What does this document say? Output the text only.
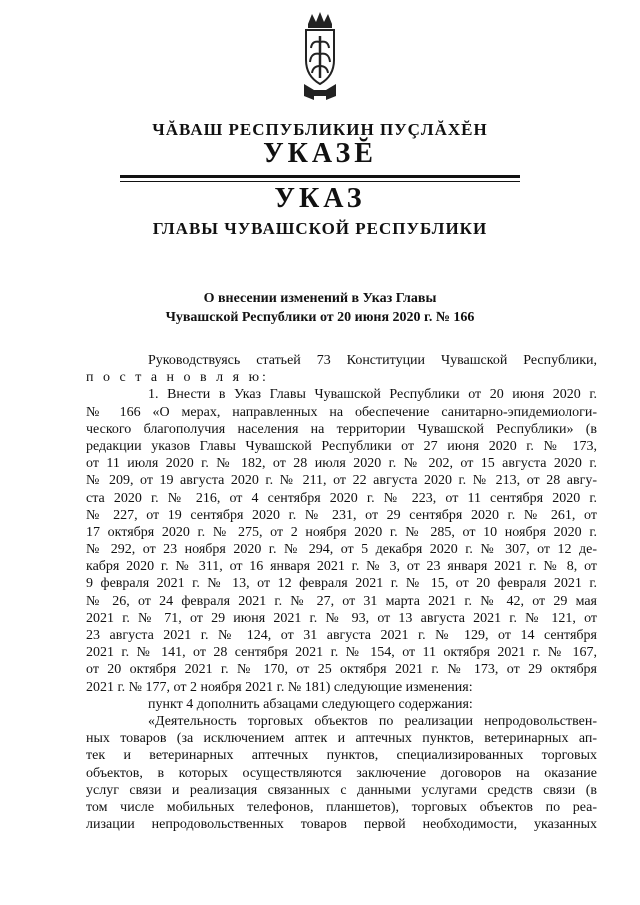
ЧĂВАШ РЕСПУБЛИКИН ПУÇЛĂХĔН
УКАЗĔ
УКАЗ
ГЛАВЫ ЧУВАШСКОЙ РЕСПУБЛИКИ
О внесении изменений в Указ Главы
Чувашской Республики от 20 июня 2020 г. № 166
Руководствуясь статьей 73 Конституции Чувашской Республики,
п о с т а н о в л я ю:
1. Внести в Указ Главы Чувашской Республики от 20 июня 2020 г.
№ 166 «О мерах, направленных на обеспечение санитарно-эпидемиологи-
ческого благополучия населения на территории Чувашской Республики» (в
редакции указов Главы Чувашской Республики от 27 июня 2020 г. № 173,
от 11 июля 2020 г. № 182, от 28 июля 2020 г. № 202, от 15 августа 2020 г.
№ 209, от 19 августа 2020 г. № 211, от 22 августа 2020 г. № 213, от 28 авгу-
ста 2020 г. № 216, от 4 сентября 2020 г. № 223, от 11 сентября 2020 г.
№ 227, от 19 сентября 2020 г. № 231, от 29 сентября 2020 г. № 261, от
17 октября 2020 г. № 275, от 2 ноября 2020 г. № 285, от 10 ноября 2020 г.
№ 292, от 23 ноября 2020 г. № 294, от 5 декабря 2020 г. № 307, от 12 де-
кабря 2020 г. № 311, от 16 января 2021 г. № 3, от 23 января 2021 г. № 8, от
9 февраля 2021 г. № 13, от 12 февраля 2021 г. № 15, от 20 февраля 2021 г.
№ 26, от 24 февраля 2021 г. № 27, от 31 марта 2021 г. № 42, от 29 мая
2021 г. № 71, от 29 июня 2021 г. № 93, от 13 августа 2021 г. № 121, от
23 августа 2021 г. № 124, от 31 августа 2021 г. № 129, от 14 сентября
2021 г. № 141, от 28 сентября 2021 г. № 154, от 11 октября 2021 г. № 167,
от 20 октября 2021 г. № 170, от 25 октября 2021 г. № 173, от 29 октября
2021 г. № 177, от 2 ноября 2021 г. № 181) следующие изменения:
пункт 4 дополнить абзацами следующего содержания:
«Деятельность торговых объектов по реализации непродовольствен-
ных товаров (за исключением аптек и аптечных пунктов, ветеринарных ап-
тек и ветеринарных аптечных пунктов, специализированных торговых
объектов, в которых осуществляются заключение договоров на оказание
услуг связи и реализация связанных с данными услугами средств связи (в
том числе мобильных телефонов, планшетов), торговых объектов по реа-
лизации непродовольственных товаров первой необходимости, указанных
